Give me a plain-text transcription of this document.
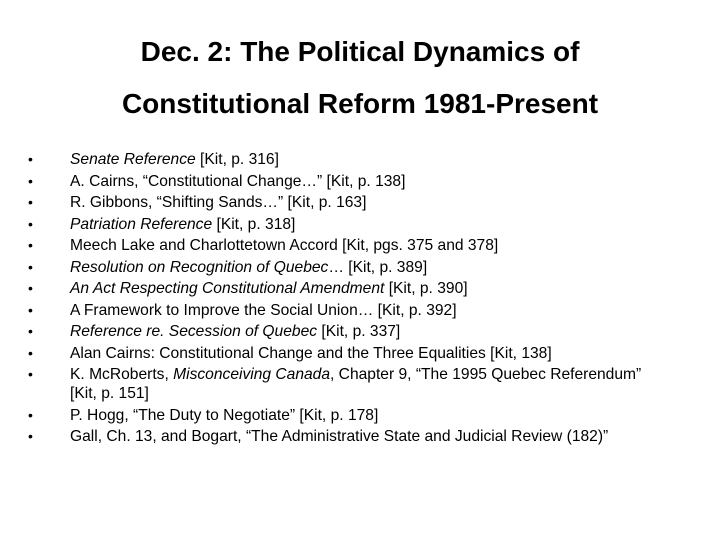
Dec. 2: The Political Dynamics of
Constitutional Reform 1981-Present
•	Senate Reference [Kit, p. 316]
•	A. Cairns, “Constitutional Change…” [Kit, p. 138]
•	R. Gibbons, “Shifting Sands…” [Kit, p. 163]
•	Patriation Reference [Kit, p. 318]
•	Meech Lake and Charlottetown Accord [Kit, pgs. 375 and 378]
•	Resolution on Recognition of Quebec… [Kit, p. 389]
•	An Act Respecting Constitutional Amendment [Kit, p. 390]
•	A Framework to Improve the Social Union… [Kit, p. 392]
•	Reference re. Secession of Quebec [Kit, p. 337]
•	Alan Cairns: Constitutional Change and the Three Equalities [Kit, 138]
•	K. McRoberts, Misconceiving Canada, Chapter 9, “The 1995 Quebec Referendum” [Kit, p. 151]
•	P. Hogg, “The Duty to Negotiate” [Kit, p. 178]
•	Gall, Ch. 13, and Bogart, “The Administrative State and Judicial Review (182)”
